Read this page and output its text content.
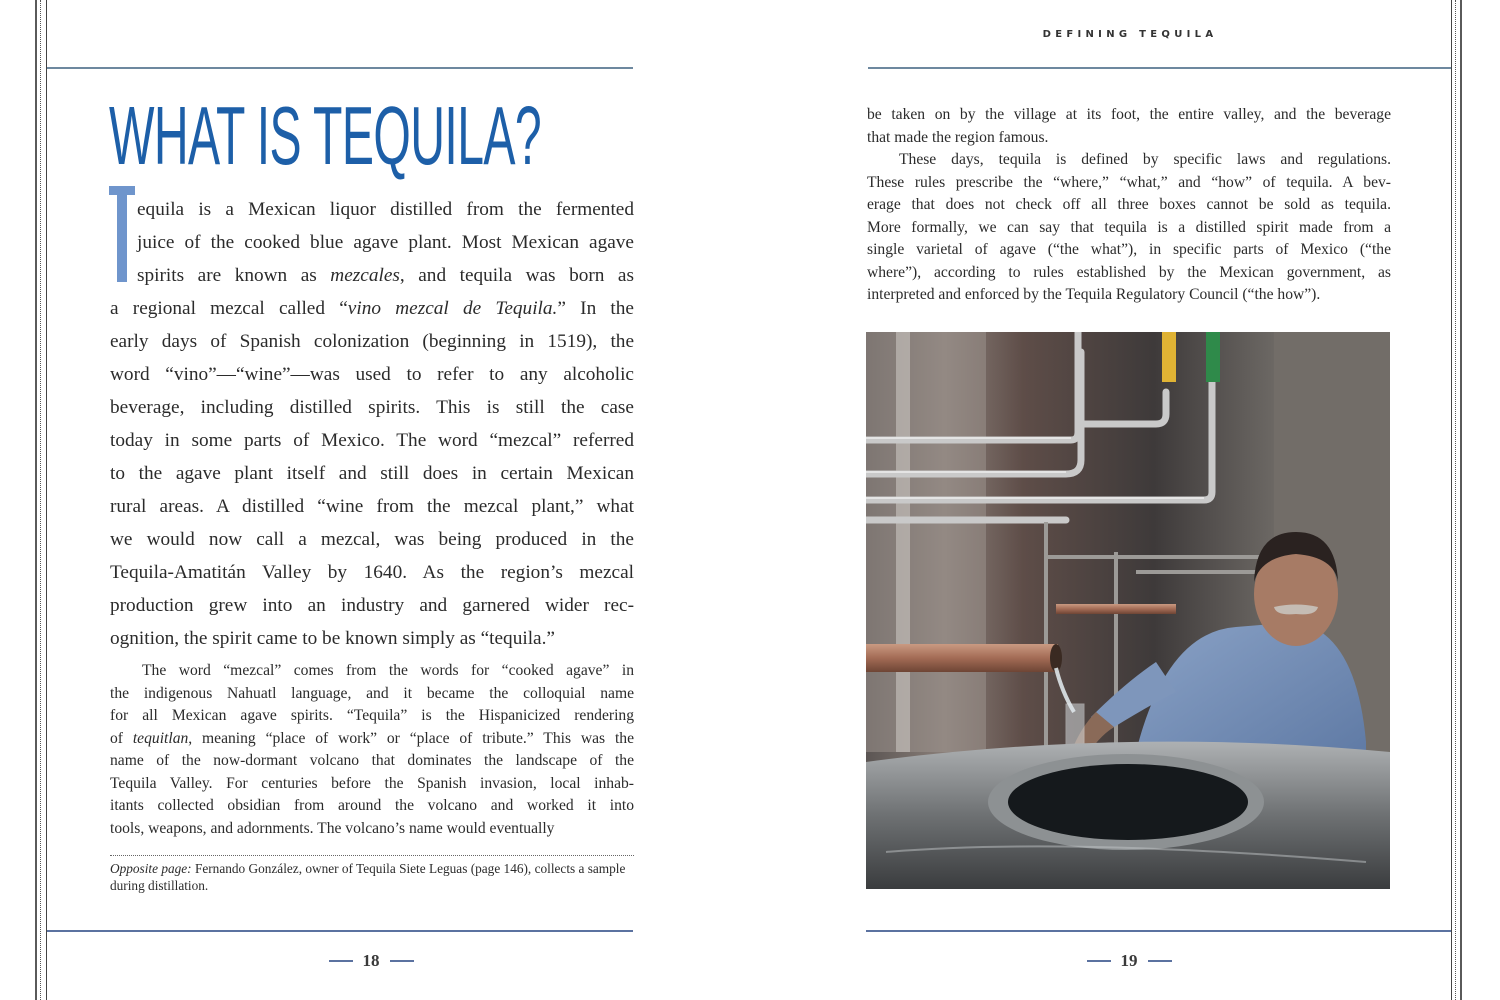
DEFINING TEQUILA
WHAT IS TEQUILA?
equila is a Mexican liquor distilled from the fermented
juice of the cooked blue agave plant. Most Mexican agave
spirits are known as mezcales, and tequila was born as
a regional mezcal called “vino mezcal de Tequila.” In the
early days of Spanish colonization (beginning in 1519), the
word “vino”—“wine”—was used to refer to any alcoholic
beverage, including distilled spirits. This is still the case
today in some parts of Mexico. The word “mezcal” referred
to the agave plant itself and still does in certain Mexican
rural areas. A distilled “wine from the mezcal plant,” what
we would now call a mezcal, was being produced in the
Tequila-Amatitán Valley by 1640. As the region’s mezcal
production grew into an industry and garnered wider rec-
ognition, the spirit came to be known simply as “tequila.”
The word “mezcal” comes from the words for “cooked agave” in
the indigenous Nahuatl language, and it became the colloquial name
for all Mexican agave spirits. “Tequila” is the Hispanicized rendering
of tequitlan, meaning “place of work” or “place of tribute.” This was the
name of the now-dormant volcano that dominates the landscape of the
Tequila Valley. For centuries before the Spanish invasion, local inhab-
itants collected obsidian from around the volcano and worked it into
tools, weapons, and adornments. The volcano’s name would eventually
Opposite page: Fernando González, owner of Tequila Siete Leguas (page 146), collects a sample during distillation.
18
be taken on by the village at its foot, the entire valley, and the beverage
that made the region famous.
These days, tequila is defined by specific laws and regulations.
These rules prescribe the “where,” “what,” and “how” of tequila. A bev-
erage that does not check off all three boxes cannot be sold as tequila.
More formally, we can say that tequila is a distilled spirit made from a
single varietal of agave (“the what”), in specific parts of Mexico (“the
where”), according to rules established by the Mexican government, as
interpreted and enforced by the Tequila Regulatory Council (“the how”).
19
